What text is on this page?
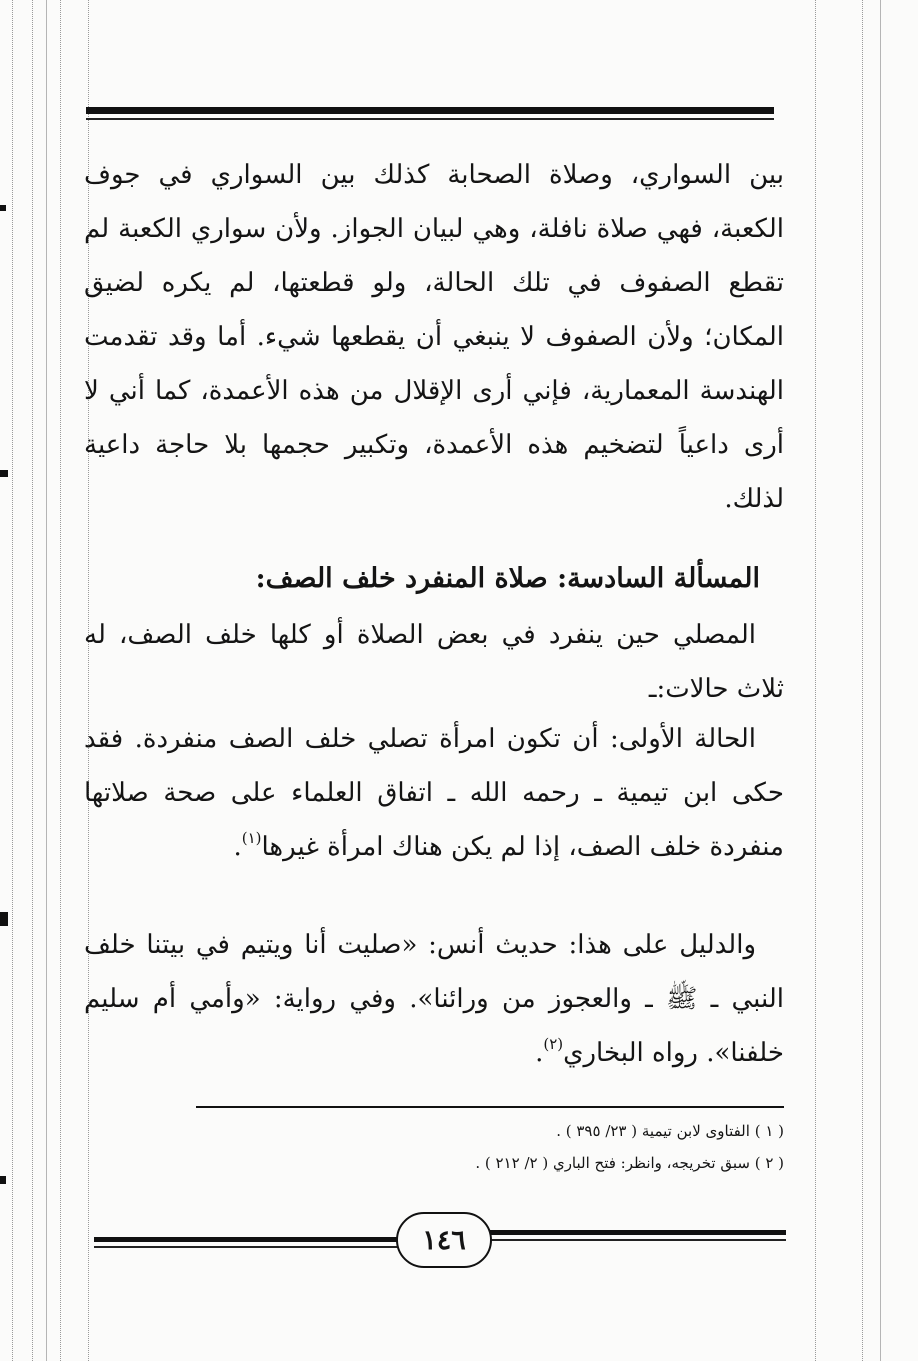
بين السواري، وصلاة الصحابة كذلك بين السواري في جوف الكعبة، فهي صلاة نافلة، وهي لبيان الجواز. ولأن سواري الكعبة لم تقطع الصفوف في تلك الحالة، ولو قطعتها، لم يكره لضيق المكان؛ ولأن الصفوف لا ينبغي أن يقطعها شيء. أما وقد تقدمت الهندسة المعمارية، فإني أرى الإقلال من هذه الأعمدة، كما أني لا أرى داعياً لتضخيم هذه الأعمدة، وتكبير حجمها بلا حاجة داعية لذلك.

المسألة السادسة: صلاة المنفرد خلف الصف:

المصلي حين ينفرد في بعض الصلاة أو كلها خلف الصف، له ثلاث حالات:ـ

الحالة الأولى: أن تكون امرأة تصلي خلف الصف منفردة. فقد حكى ابن تيمية ـ رحمه الله ـ اتفاق العلماء على صحة صلاتها منفردة خلف الصف، إذا لم يكن هناك امرأة غيرها$^{(١)}$.

والدليل على هذا: حديث أنس: «صليت أنا ويتيم في بيتنا خلف النبي ـ ﷺ ـ والعجوز من ورائنا». وفي رواية: «وأمي أم سليم خلفنا». رواه البخاري$^{(٢)}$.

( ١ ) الفتاوى لابن تيمية ( ٢٣/ ٣٩٥ ) .
( ٢ ) سبق تخريجه، وانظر: فتح الباري ( ٢/ ٢١٢ ) .
١٤٦
